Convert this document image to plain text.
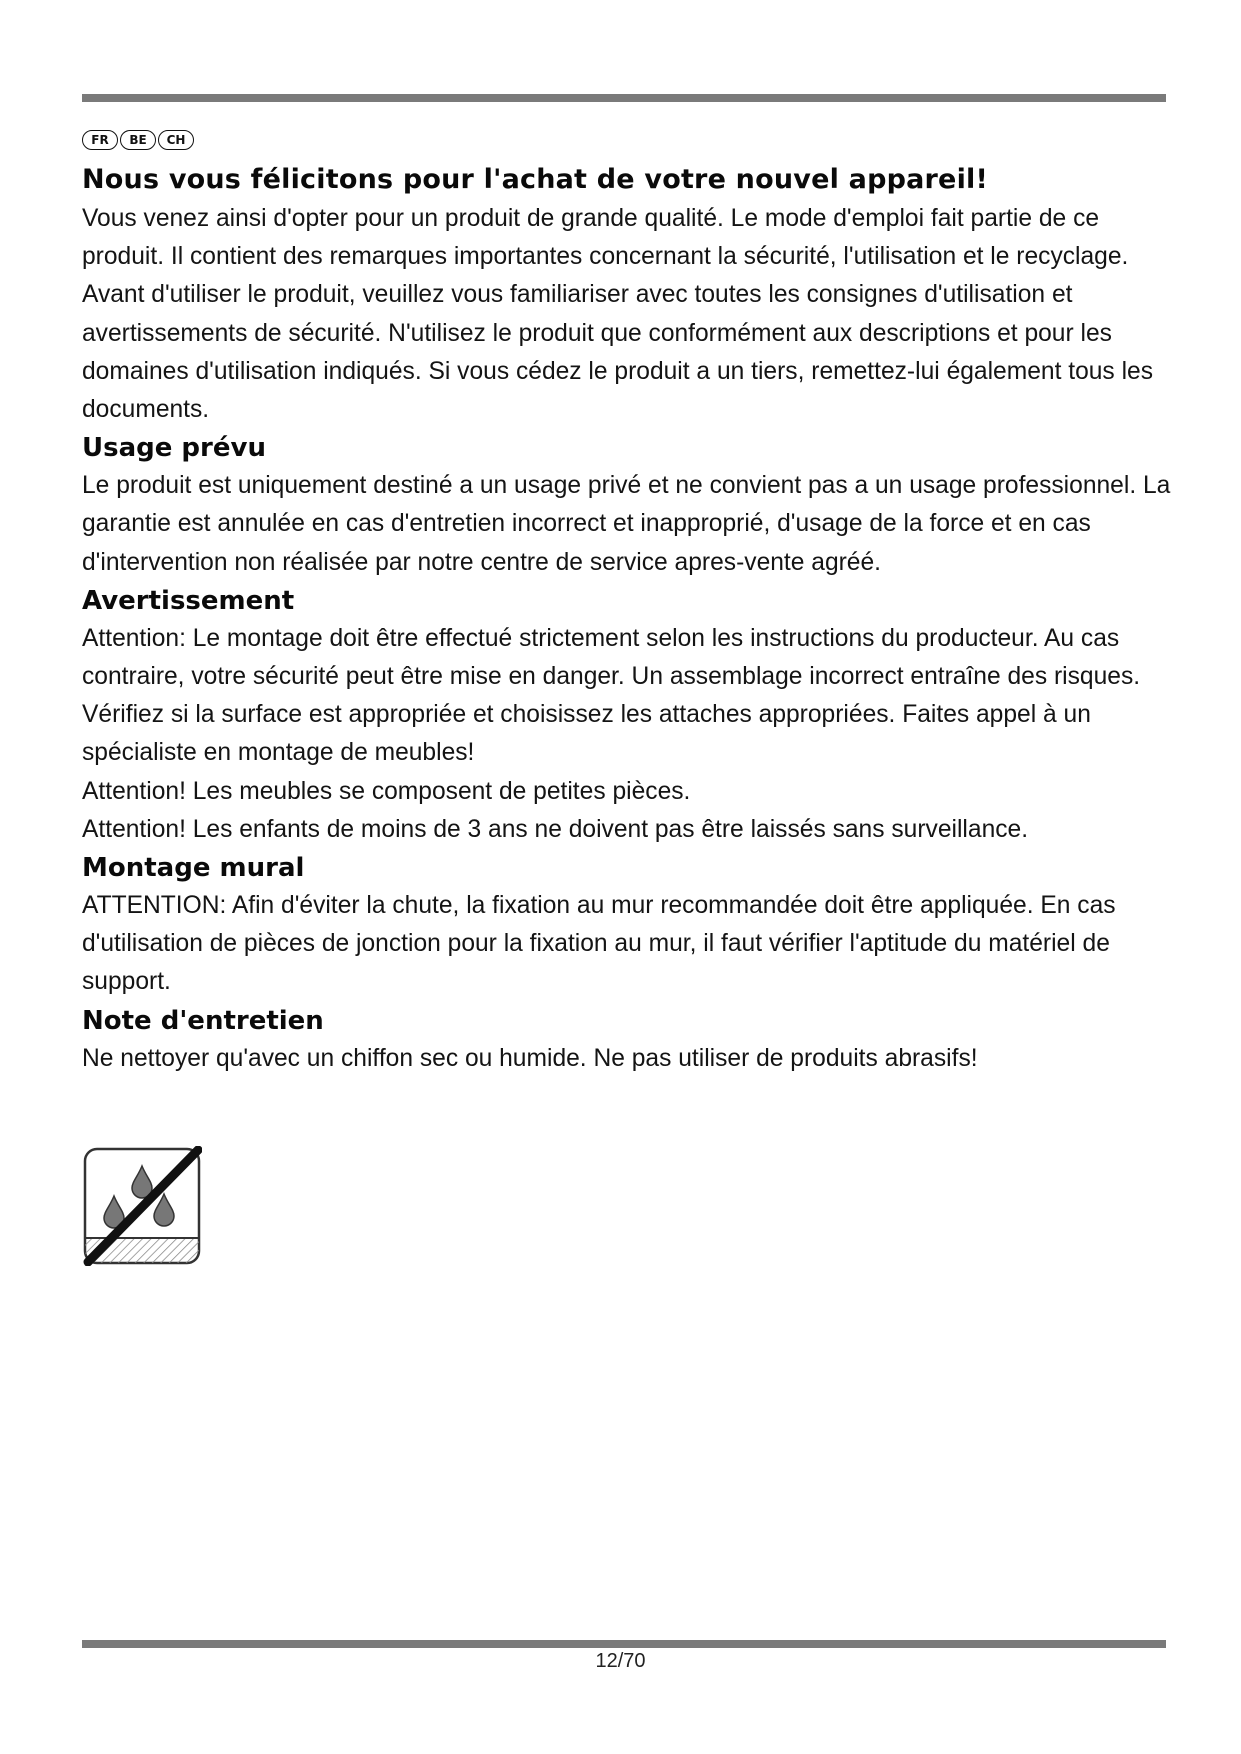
FR	BE	CH
Nous vous félicitons pour l'achat de votre nouvel appareil!

Vous venez ainsi d'opter pour un produit de grande qualité. Le mode d'emploi fait partie de ce produit. Il contient des remarques importantes concernant la sécurité, l'utilisation et le recyclage. Avant d'utiliser le produit, veuillez vous familiariser avec toutes les consignes d'utilisation et avertissements de sécurité. N'utilisez le produit que conformément aux descriptions et pour les domaines d'utilisation indiqués. Si vous cédez le produit a un tiers, remettez-lui également tous les documents.

Usage prévu

Le produit est uniquement destiné a un usage privé et ne convient pas a un usage professionnel. La garantie est annulée en cas d'entretien incorrect et inapproprié, d'usage de la force et en cas d'intervention non réalisée par notre centre de service apres-vente agréé.

Avertissement

Attention: Le montage doit être effectué strictement selon les instructions du producteur. Au cas contraire, votre sécurité peut être mise en danger. Un assemblage incorrect entraîne des risques. Vérifiez si la surface est appropriée et choisissez les attaches appropriées. Faites appel à un spécialiste en montage de meubles!

Attention! Les meubles se composent de petites pièces.

Attention! Les enfants de moins de 3 ans ne doivent pas être laissés sans surveillance.

Montage mural

ATTENTION: Afin d'éviter la chute, la fixation au mur recommandée doit être appliquée. En cas d'utilisation de pièces de jonction pour la fixation au mur, il faut vérifier l'aptitude du matériel de support.

Note d'entretien

Ne nettoyer qu'avec un chiffon sec ou humide. Ne pas utiliser de produits abrasifs!

12/70
